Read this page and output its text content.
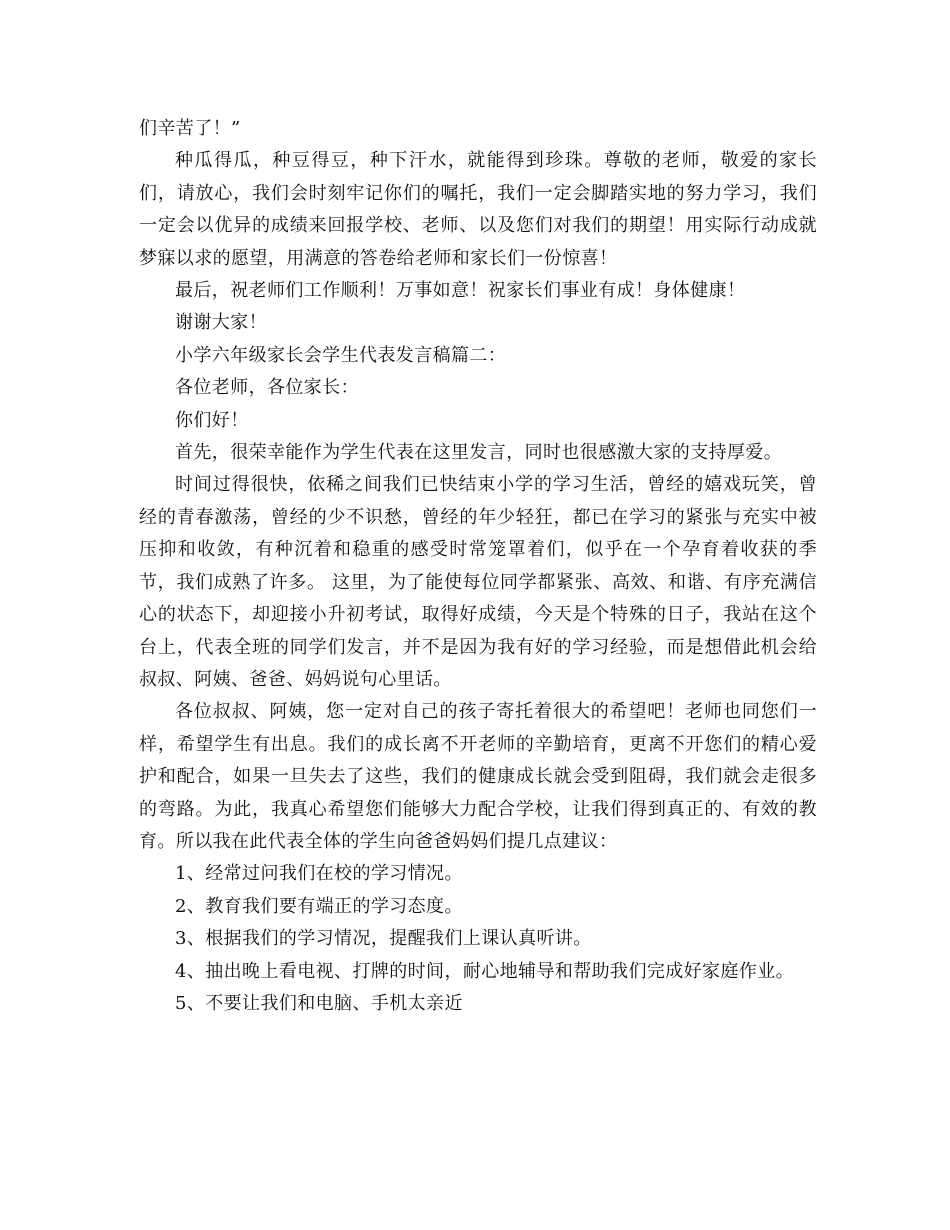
们辛苦了！”

种瓜得瓜，种豆得豆，种下汗水，就能得到珍珠。尊敬的老师，敬爱的家长们，请放心，我们会时刻牢记你们的嘱托，我们一定会脚踏实地的努力学习，我们一定会以优异的成绩来回报学校、老师、以及您们对我们的期望！用实际行动成就梦寐以求的愿望，用满意的答卷给老师和家长们一份惊喜！

最后，祝老师们工作顺利！万事如意！祝家长们事业有成！身体健康！

谢谢大家！

小学六年级家长会学生代表发言稿篇二：

各位老师，各位家长：

你们好！

首先，很荣幸能作为学生代表在这里发言，同时也很感激大家的支持厚爱。

时间过得很快，依稀之间我们已快结束小学的学习生活，曾经的嬉戏玩笑，曾经的青春激荡，曾经的少不识愁，曾经的年少轻狂，都已在学习的紧张与充实中被压抑和收敛，有种沉着和稳重的感受时常笼罩着们，似乎在一个孕育着收获的季节，我们成熟了许多。 这里，为了能使每位同学都紧张、高效、和谐、有序充满信心的状态下，却迎接小升初考试，取得好成绩，今天是个特殊的日子，我站在这个台上，代表全班的同学们发言，并不是因为我有好的学习经验，而是想借此机会给叔叔、阿姨、爸爸、妈妈说句心里话。

各位叔叔、阿姨，您一定对自己的孩子寄托着很大的希望吧！老师也同您们一样，希望学生有出息。我们的成长离不开老师的辛勤培育，更离不开您们的精心爱护和配合，如果一旦失去了这些，我们的健康成长就会受到阻碍，我们就会走很多的弯路。为此，我真心希望您们能够大力配合学校，让我们得到真正的、有效的教育。所以我在此代表全体的学生向爸爸妈妈们提几点建议：

1、经常过问我们在校的学习情况。

2、教育我们要有端正的学习态度。

3、根据我们的学习情况，提醒我们上课认真听讲。

4、抽出晚上看电视、打牌的时间，耐心地辅导和帮助我们完成好家庭作业。

5、不要让我们和电脑、手机太亲近
